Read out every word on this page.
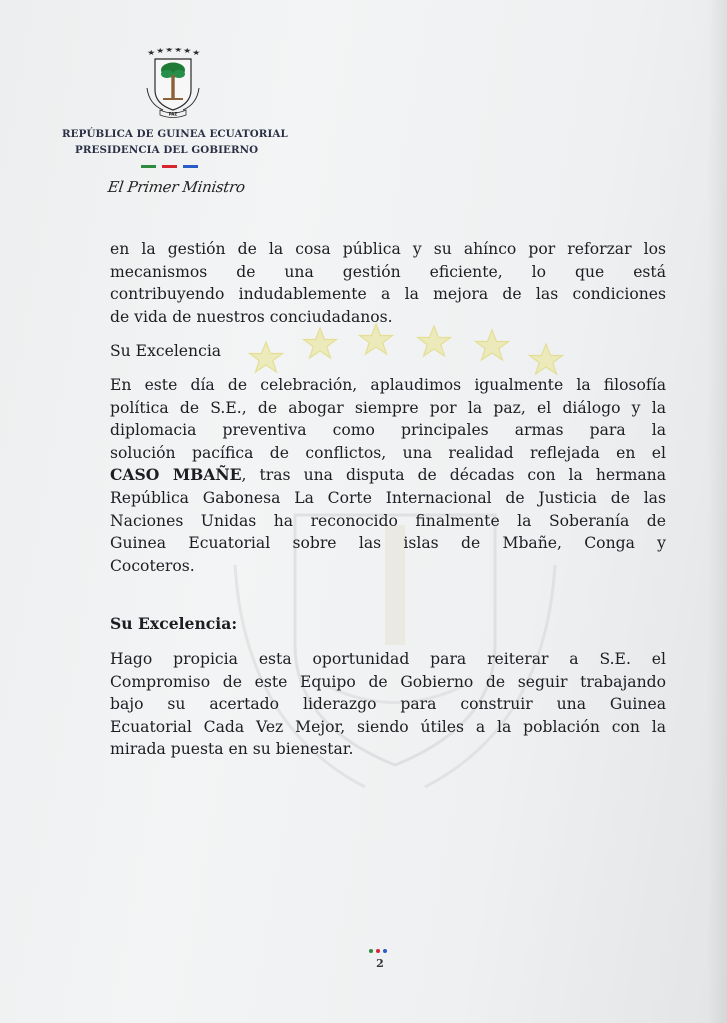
PAZ
REPÚBLICA DE GUINEA ECUATORIAL
PRESIDENCIA DEL GOBIERNO
El Primer Ministro
en la gestión de la cosa pública y su ahínco por reforzar los
mecanismos de una gestión eficiente, lo que está
contribuyendo indudablemente a la mejora de las condiciones
de vida de nuestros conciudadanos.
Su Excelencia
En este día de celebración, aplaudimos igualmente la filosofía
política de S.E., de abogar siempre por la paz, el diálogo y la
diplomacia preventiva como principales armas para la
solución pacífica de conflictos, una realidad reflejada en el
CASO MBAÑE, tras una disputa de décadas con la hermana
República Gabonesa La Corte Internacional de Justicia de las
Naciones Unidas ha reconocido finalmente la Soberanía de
Guinea Ecuatorial sobre las islas de Mbañe, Conga y
Cocoteros.
Su Excelencia:
Hago propicia esta oportunidad para reiterar a S.E. el
Compromiso de este Equipo de Gobierno de seguir trabajando
bajo su acertado liderazgo para construir una Guinea
Ecuatorial Cada Vez Mejor, siendo útiles a la población con la
mirada puesta en su bienestar.
2
